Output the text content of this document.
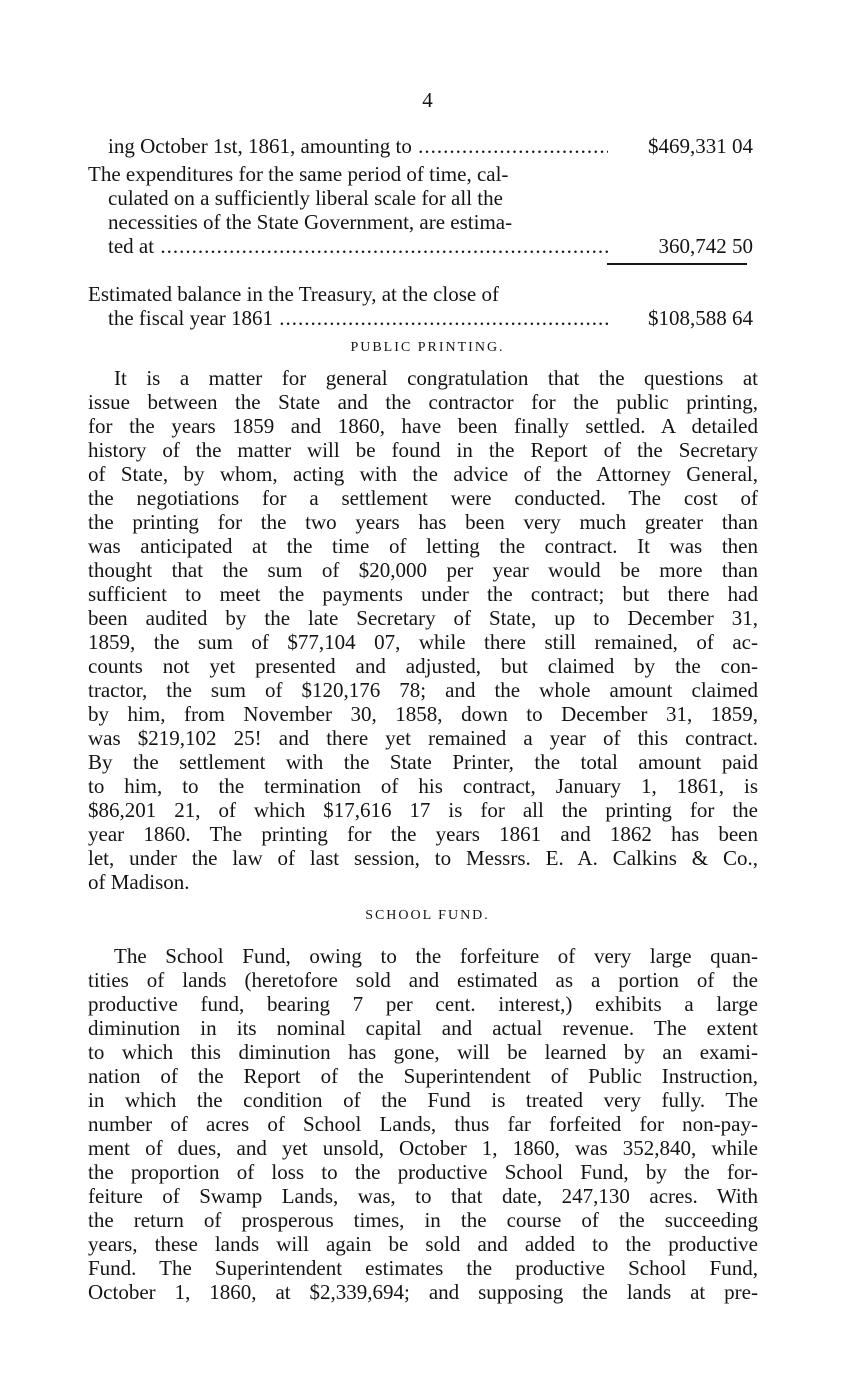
4
ing October 1st, 1861, amounting to .....	$469,331 04
The expenditures for the same period of time, cal-
culated on a sufficiently liberal scale for all the
necessities of the State Government, are estima-
ted at .....	360,742 50
Estimated balance in the Treasury, at the close of
the fiscal year 1861 .....	$108,588 64
PUBLIC PRINTING.
It is a matter for general congratulation that the questions at
issue between the State and the contractor for the public printing,
for the years 1859 and 1860, have been finally settled. A detailed
history of the matter will be found in the Report of the Secretary
of State, by whom, acting with the advice of the Attorney General,
the negotiations for a settlement were conducted. The cost of
the printing for the two years has been very much greater than
was anticipated at the time of letting the contract. It was then
thought that the sum of $20,000 per year would be more than
sufficient to meet the payments under the contract; but there had
been audited by the late Secretary of State, up to December 31,
1859, the sum of $77,104 07, while there still remained, of ac-
counts not yet presented and adjusted, but claimed by the con-
tractor, the sum of $120,176 78; and the whole amount claimed
by him, from November 30, 1858, down to December 31, 1859,
was $219,102 25! and there yet remained a year of this contract.
By the settlement with the State Printer, the total amount paid
to him, to the termination of his contract, January 1, 1861, is
$86,201 21, of which $17,616 17 is for all the printing for the
year 1860. The printing for the years 1861 and 1862 has been
let, under the law of last session, to Messrs. E. A. Calkins & Co.,
of Madison.
SCHOOL FUND.
The School Fund, owing to the forfeiture of very large quan-
tities of lands (heretofore sold and estimated as a portion of the
productive fund, bearing 7 per cent. interest,) exhibits a large
diminution in its nominal capital and actual revenue. The extent
to which this diminution has gone, will be learned by an exami-
nation of the Report of the Superintendent of Public Instruction,
in which the condition of the Fund is treated very fully. The
number of acres of School Lands, thus far forfeited for non-pay-
ment of dues, and yet unsold, October 1, 1860, was 352,840, while
the proportion of loss to the productive School Fund, by the for-
feiture of Swamp Lands, was, to that date, 247,130 acres. With
the return of prosperous times, in the course of the succeeding
years, these lands will again be sold and added to the productive
Fund. The Superintendent estimates the productive School Fund,
October 1, 1860, at $2,339,694; and supposing the lands at pre-
